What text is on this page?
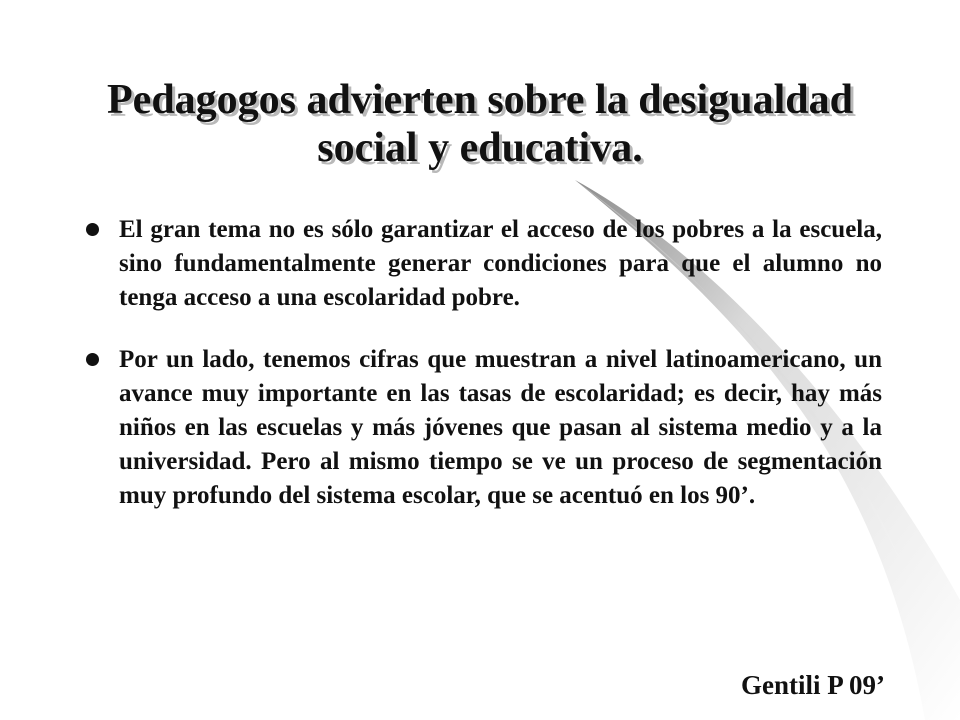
Pedagogos advierten sobre la desigualdad social y educativa.
El gran tema no es sólo garantizar el acceso de los pobres a la escuela, sino fundamentalmente generar condiciones para que el alumno no tenga acceso a una escolaridad pobre.
Por un lado, tenemos cifras que muestran a nivel latinoamericano, un avance muy importante en las tasas de escolaridad; es decir, hay más niños en las escuelas y más jóvenes que pasan al sistema medio y a la universidad. Pero al mismo tiempo se ve un proceso de segmentación muy profundo del sistema escolar, que se acentuó en los 90’.
Gentili P 09’
